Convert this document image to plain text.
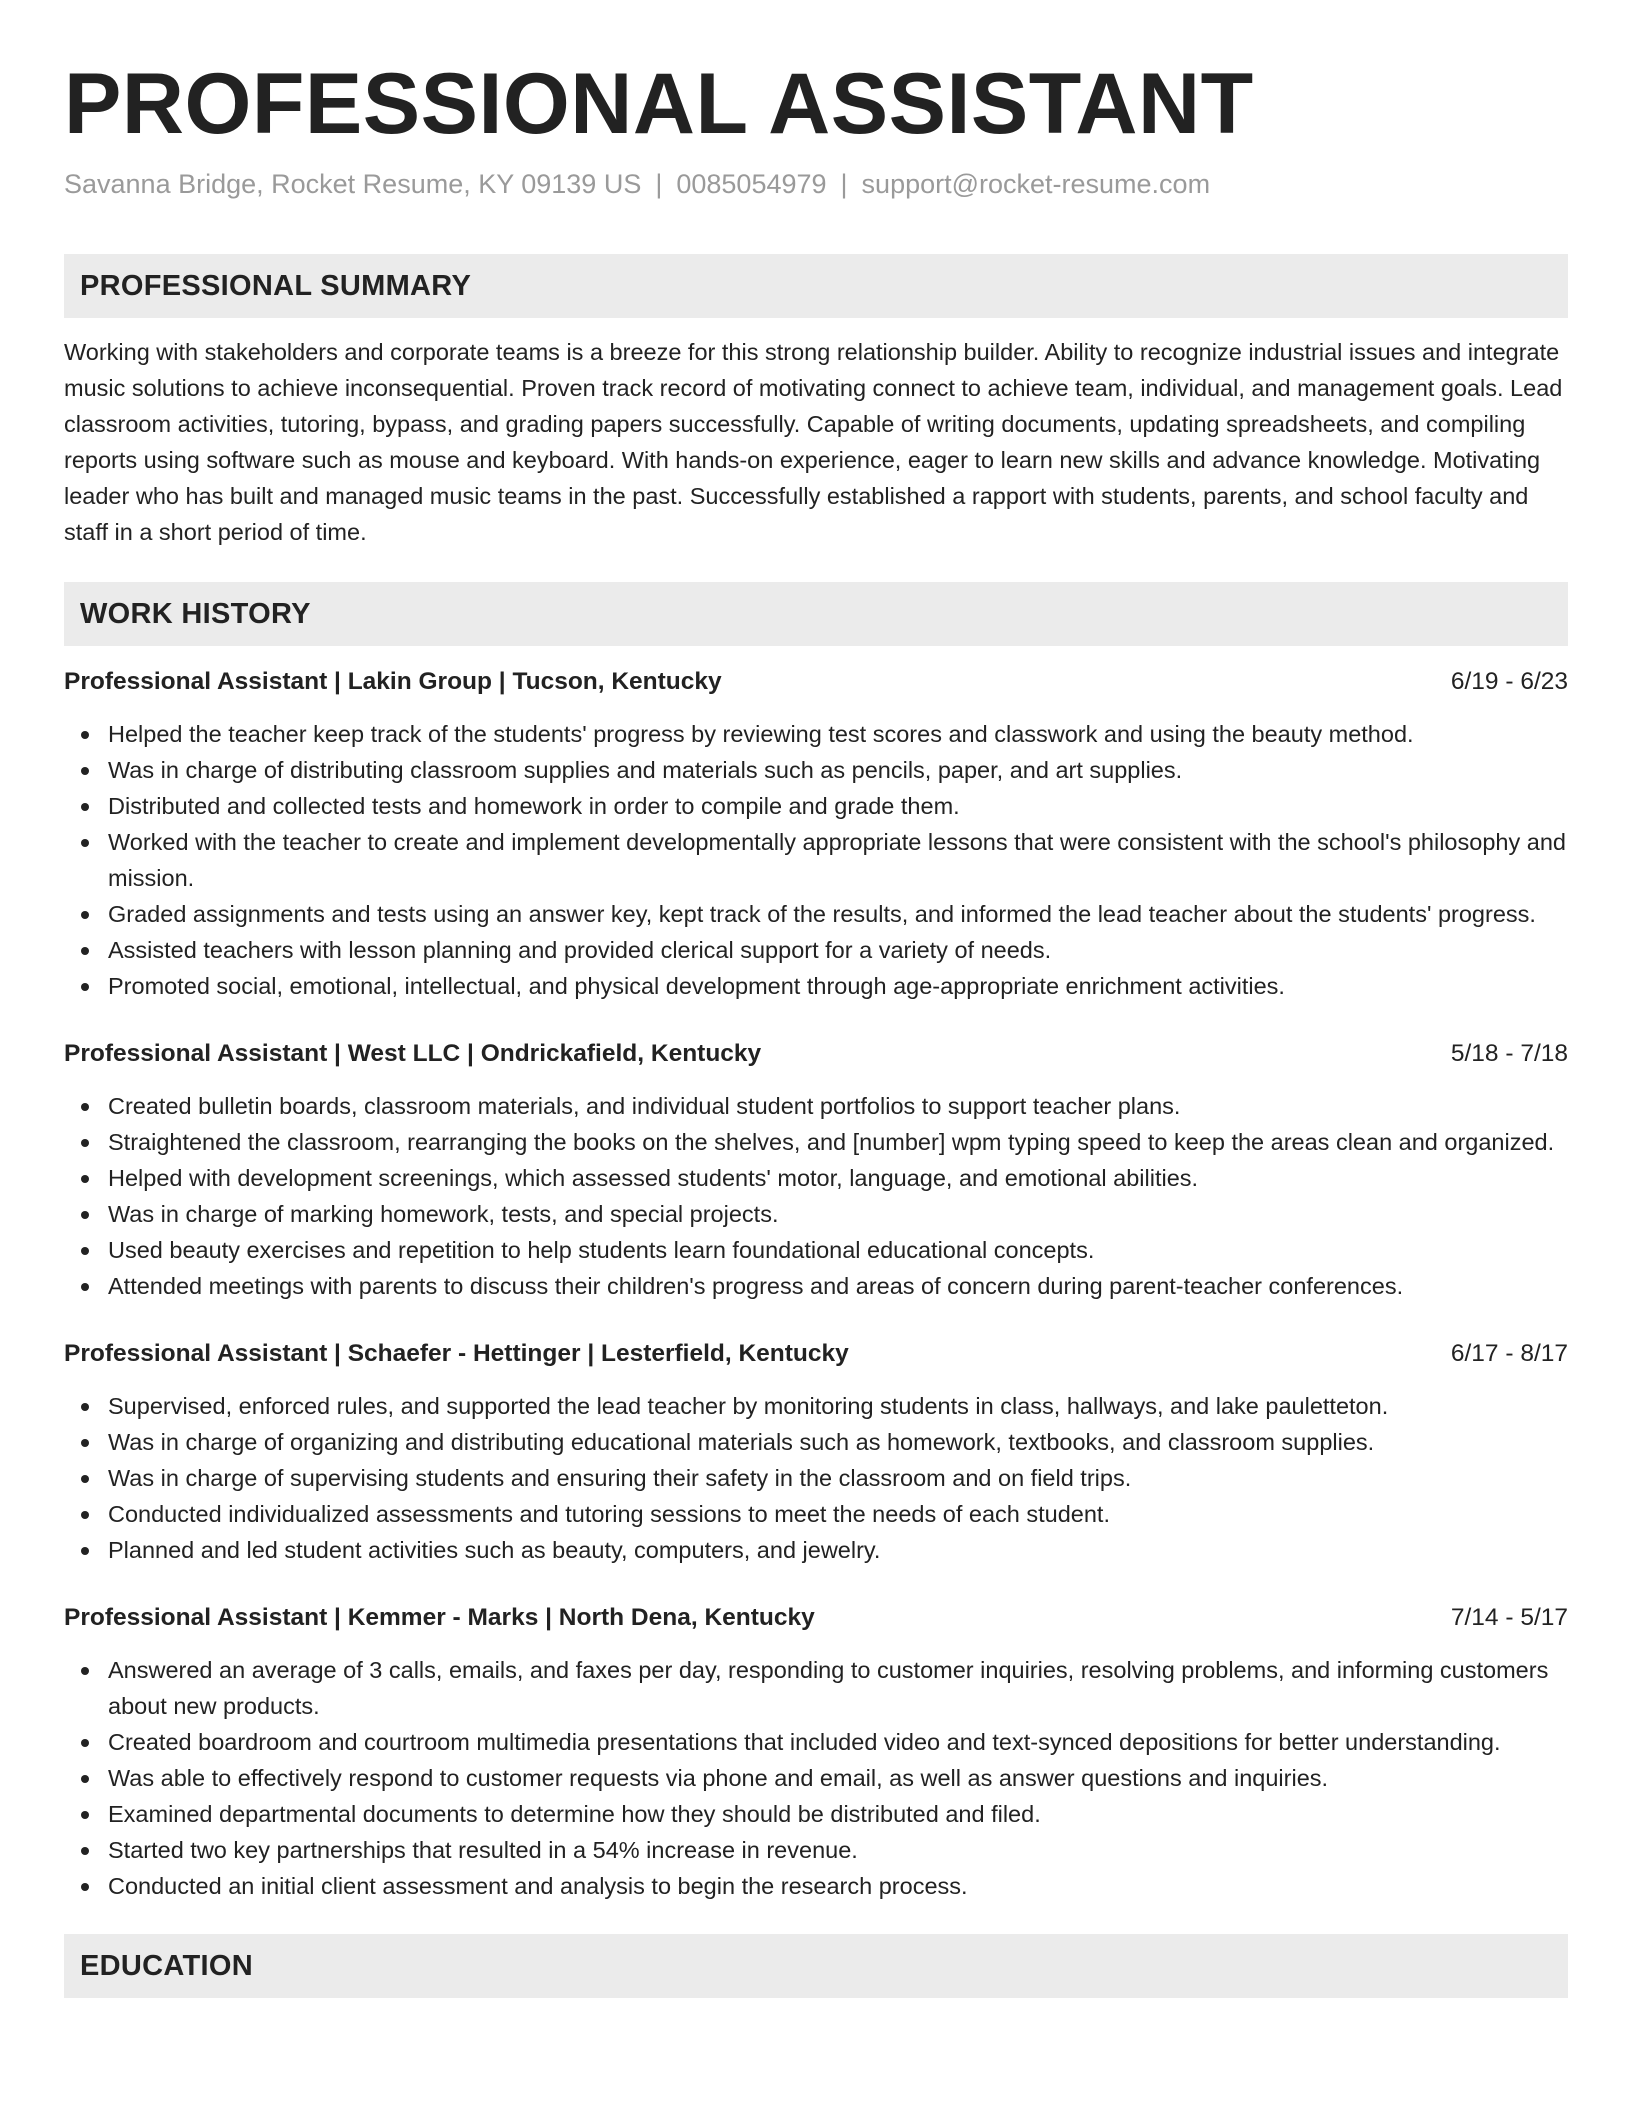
PROFESSIONAL ASSISTANT
Savanna Bridge, Rocket Resume, KY 09139 US | 0085054979 | support@rocket-resume.com
PROFESSIONAL SUMMARY
Working with stakeholders and corporate teams is a breeze for this strong relationship builder. Ability to recognize industrial issues and integrate music solutions to achieve inconsequential. Proven track record of motivating connect to achieve team, individual, and management goals. Lead classroom activities, tutoring, bypass, and grading papers successfully. Capable of writing documents, updating spreadsheets, and compiling reports using software such as mouse and keyboard. With hands-on experience, eager to learn new skills and advance knowledge. Motivating leader who has built and managed music teams in the past. Successfully established a rapport with students, parents, and school faculty and staff in a short period of time.
WORK HISTORY
Professional Assistant | Lakin Group | Tucson, Kentucky	6/19 - 6/23
Helped the teacher keep track of the students' progress by reviewing test scores and classwork and using the beauty method.
Was in charge of distributing classroom supplies and materials such as pencils, paper, and art supplies.
Distributed and collected tests and homework in order to compile and grade them.
Worked with the teacher to create and implement developmentally appropriate lessons that were consistent with the school's philosophy and mission.
Graded assignments and tests using an answer key, kept track of the results, and informed the lead teacher about the students' progress.
Assisted teachers with lesson planning and provided clerical support for a variety of needs.
Promoted social, emotional, intellectual, and physical development through age-appropriate enrichment activities.
Professional Assistant | West LLC | Ondrickafield, Kentucky	5/18 - 7/18
Created bulletin boards, classroom materials, and individual student portfolios to support teacher plans.
Straightened the classroom, rearranging the books on the shelves, and [number] wpm typing speed to keep the areas clean and organized.
Helped with development screenings, which assessed students' motor, language, and emotional abilities.
Was in charge of marking homework, tests, and special projects.
Used beauty exercises and repetition to help students learn foundational educational concepts.
Attended meetings with parents to discuss their children's progress and areas of concern during parent-teacher conferences.
Professional Assistant | Schaefer - Hettinger | Lesterfield, Kentucky	6/17 - 8/17
Supervised, enforced rules, and supported the lead teacher by monitoring students in class, hallways, and lake pauletteton.
Was in charge of organizing and distributing educational materials such as homework, textbooks, and classroom supplies.
Was in charge of supervising students and ensuring their safety in the classroom and on field trips.
Conducted individualized assessments and tutoring sessions to meet the needs of each student.
Planned and led student activities such as beauty, computers, and jewelry.
Professional Assistant | Kemmer - Marks | North Dena, Kentucky	7/14 - 5/17
Answered an average of 3 calls, emails, and faxes per day, responding to customer inquiries, resolving problems, and informing customers about new products.
Created boardroom and courtroom multimedia presentations that included video and text-synced depositions for better understanding.
Was able to effectively respond to customer requests via phone and email, as well as answer questions and inquiries.
Examined departmental documents to determine how they should be distributed and filed.
Started two key partnerships that resulted in a 54% increase in revenue.
Conducted an initial client assessment and analysis to begin the research process.
EDUCATION
